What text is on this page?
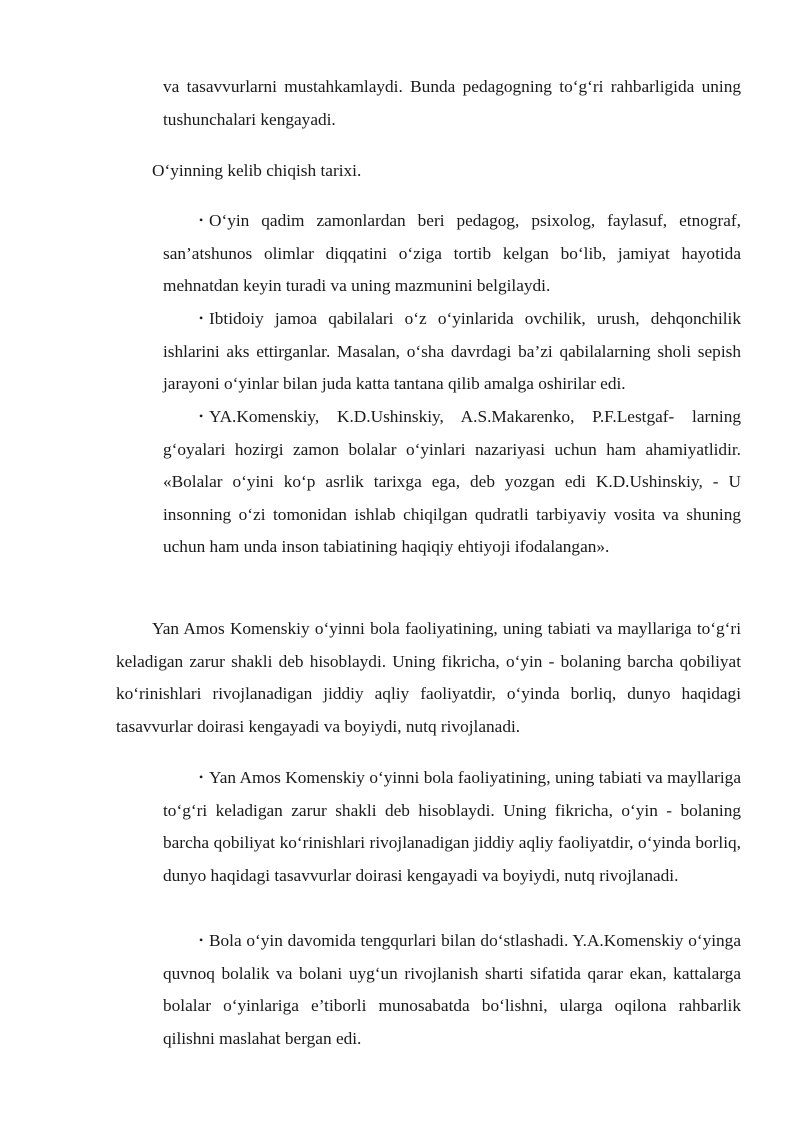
va tasavvurlarni mustahkamlaydi. Bunda pedagogning to‘g‘ri rahbarligida uning tushunchalari kengayadi.

O‘yinning kelib chiqish tarixi.

• O‘yin qadim zamonlardan beri pedagog, psixolog, faylasuf, etnograf, san’atshunos olimlar diqqatini o‘ziga tortib kelgan bo‘lib, jamiyat hayotida mehnatdan keyin turadi va uning mazmunini belgilaydi.

• Ibtidoiy jamoa qabilalari o‘z o‘yinlarida ovchilik, urush, dehqonchilik ishlarini aks ettirganlar. Masalan, o‘sha davrdagi ba’zi qabilalarning sholi sepish jarayoni o‘yinlar bilan juda katta tantana qilib amalga oshirilar edi.

• YA.Komenskiy, K.D.Ushinskiy, A.S.Makarenko, P.F.Lestgaf- larning g‘oyalari hozirgi zamon bolalar o‘yinlari nazariyasi uchun ham ahamiyatlidir. «Bolalar o‘yini ko‘p asrlik tarixga ega, deb yozgan edi K.D.Ushinskiy, - U insonning o‘zi tomonidan ishlab chiqilgan qudratli tarbiyaviy vosita va shuning uchun ham unda inson tabiatining haqiqiy ehtiyoji ifodalangan».

Yan Amos Komenskiy o‘yinni bola faoliyatining, uning tabiati va mayllariga to‘g‘ri keladigan zarur shakli deb hisoblaydi. Uning fikricha, o‘yin - bolaning barcha qobiliyat ko‘rinishlari rivojlanadigan jiddiy aqliy faoliyatdir, o‘yinda borliq, dunyo haqidagi tasavvurlar doirasi kengayadi va boyiydi, nutq rivojlanadi.

• Yan Amos Komenskiy o‘yinni bola faoliyatining, uning tabiati va mayllariga to‘g‘ri keladigan zarur shakli deb hisoblaydi. Uning fikricha, o‘yin - bolaning barcha qobiliyat ko‘rinishlari rivojlanadigan jiddiy aqliy faoliyatdir, o‘yinda borliq, dunyo haqidagi tasavvurlar doirasi kengayadi va boyiydi, nutq rivojlanadi.

• Bola o‘yin davomida tengqurlari bilan do‘stlashadi. Y.A.Komenskiy o‘yinga quvnoq bolalik va bolani uyg‘un rivojlanish sharti sifatida qarar ekan, kattalarga bolalar o‘yinlariga e’tiborli munosabatda bo‘lishni, ularga oqilona rahbarlik qilishni maslahat bergan edi.
